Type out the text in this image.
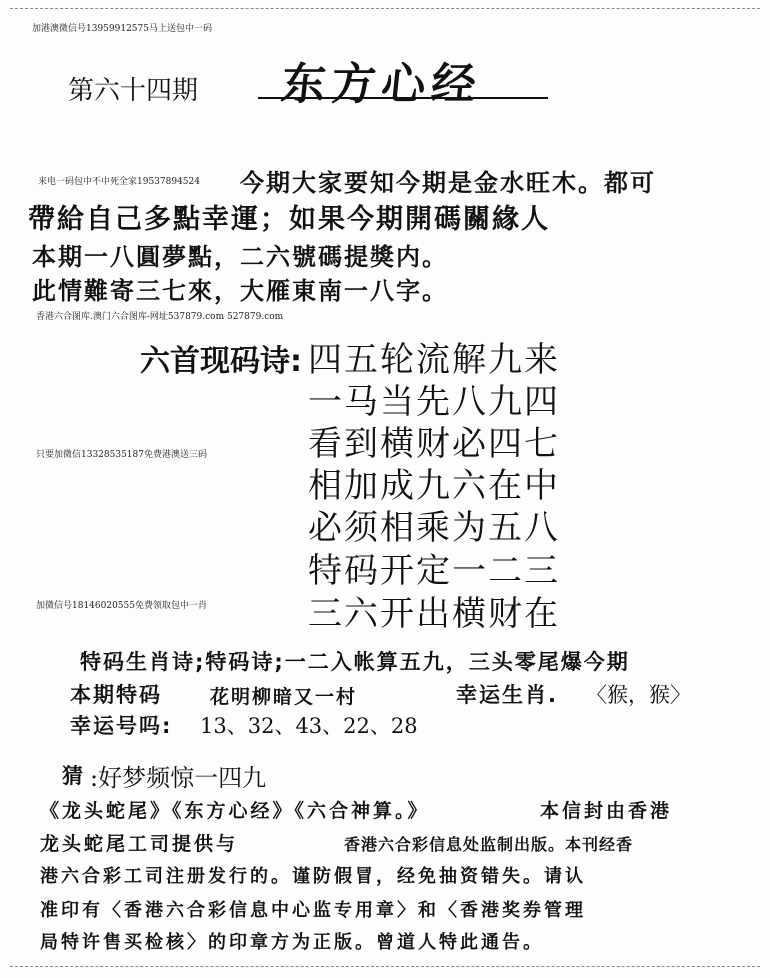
加港澳微信号13959912575马上送包中一码
第六十四期 东方心经
来电一码包中不中死全家19537894524 今期大家要知今期是金水旺木。都可
帶給自己多點幸運；如果今期開碼關緣人
本期一八圓夢點，二六號碼提獎内。
此情難寄三七來，大雁東南一八字。
香港六合图库.澳门六合图库-网址537879.com 527879.com
六首现码诗: 四五轮流解九来
一马当先八九四
看到横财必四七
只要加微信13328535187免费港澳送三码
相加成九六在中
必须相乘为五八
特码开定一二三
加微信号18146020555免费领取包中一肖	三六开出横财在
特码生肖诗;特码诗;一二入帐算五九，三头零尾爆今期
本期特码	花明柳暗又一村	幸运生肖. 〈猴，猴〉
幸运号吗: 13、32、43、22、28
猜 :好梦频惊一四九
《龙头蛇尾》《东方心经》《六合神算。》	本信封由香港
龙头蛇尾工司提供与	香港六合彩信息处监制出版。本刊经香
港六合彩工司注册发行的。谨防假冒，经免抽资错失。请认
准印有〈香港六合彩信息中心监专用章〉和〈香港奖券管理
局特许售买检核〉的印章方为正版。曾道人特此通告。
